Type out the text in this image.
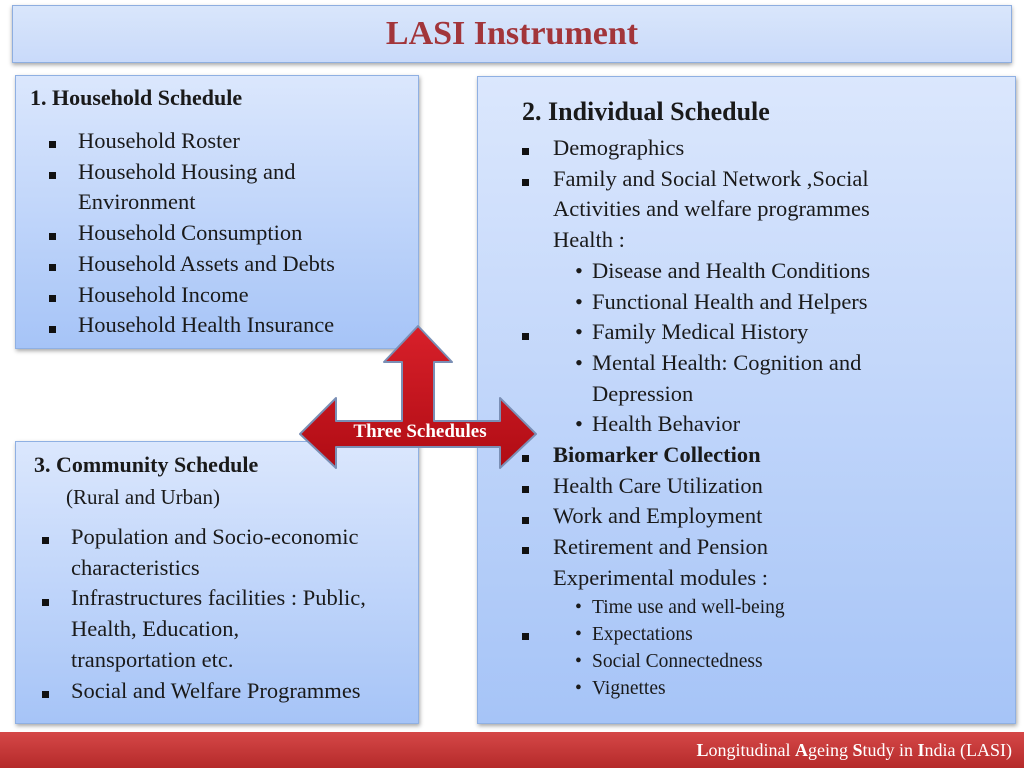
LASI Instrument
1. Household Schedule
Household Roster
Household Housing and
Environment
Household Consumption
Household Assets and Debts
Household Income
Household Health Insurance
2. Individual Schedule
Demographics
Family and Social Network ,Social
Activities and welfare programmes
Health :
• Disease and Health Conditions
• Functional Health and Helpers
• Family Medical History
• Mental Health: Cognition and
Depression
• Health Behavior
Biomarker Collection
Health Care Utilization
Work and Employment
Retirement and Pension
Experimental modules :
• Time use and well-being
• Expectations
• Social Connectedness
• Vignettes
3. Community Schedule
(Rural and Urban)
Population and Socio-economic
characteristics
Infrastructures facilities : Public,
Health, Education,
transportation etc.
Social and Welfare Programmes
Three Schedules
Longitudinal Ageing Study in India (LASI)
